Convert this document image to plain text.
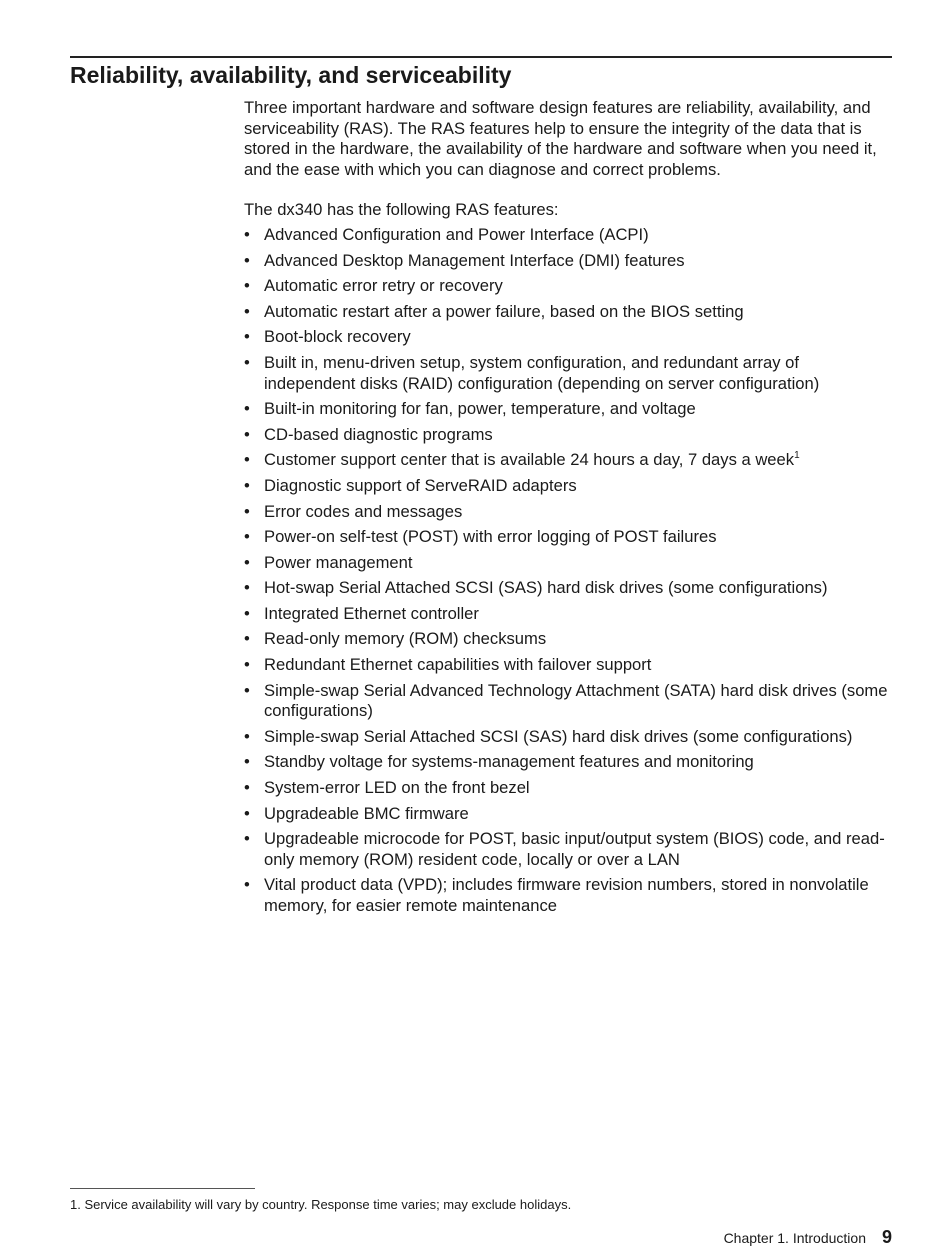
Reliability, availability, and serviceability

Three important hardware and software design features are reliability, availability, and serviceability (RAS). The RAS features help to ensure the integrity of the data that is stored in the hardware, the availability of the hardware and software when you need it, and the ease with which you can diagnose and correct problems.

The dx340 has the following RAS features:

• Advanced Configuration and Power Interface (ACPI)
• Advanced Desktop Management Interface (DMI) features
• Automatic error retry or recovery
• Automatic restart after a power failure, based on the BIOS setting
• Boot-block recovery
• Built in, menu-driven setup, system configuration, and redundant array of independent disks (RAID) configuration (depending on server configuration)
• Built-in monitoring for fan, power, temperature, and voltage
• CD-based diagnostic programs
• Customer support center that is available 24 hours a day, 7 days a week$^1$
• Diagnostic support of ServeRAID adapters
• Error codes and messages
• Power-on self-test (POST) with error logging of POST failures
• Power management
• Hot-swap Serial Attached SCSI (SAS) hard disk drives (some configurations)
• Integrated Ethernet controller
• Read-only memory (ROM) checksums
• Redundant Ethernet capabilities with failover support
• Simple-swap Serial Advanced Technology Attachment (SATA) hard disk drives (some configurations)
• Simple-swap Serial Attached SCSI (SAS) hard disk drives (some configurations)
• Standby voltage for systems-management features and monitoring
• System-error LED on the front bezel
• Upgradeable BMC firmware
• Upgradeable microcode for POST, basic input/output system (BIOS) code, and read-only memory (ROM) resident code, locally or over a LAN
• Vital product data (VPD); includes firmware revision numbers, stored in nonvolatile memory, for easier remote maintenance
1. Service availability will vary by country. Response time varies; may exclude holidays.
Chapter 1. Introduction 9
